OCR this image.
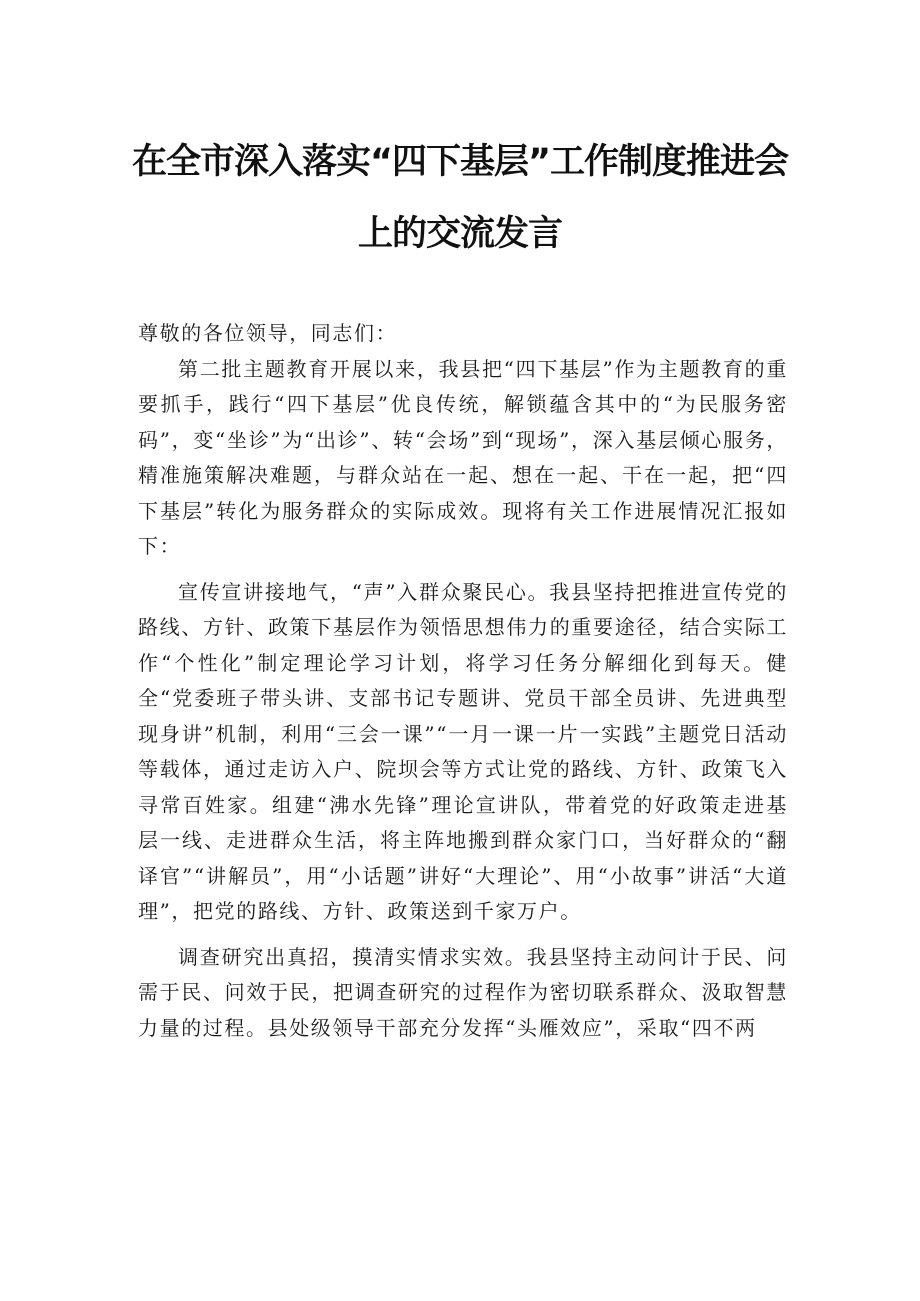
在全市深入落实“四下基层”工作制度推进会
上的交流发言

尊敬的各位领导，同志们：

第二批主题教育开展以来，我县把“四下基层”作为主题教育的重要抓手，践行“四下基层”优良传统，解锁蕴含其中的“为民服务密码”，变“坐诊”为“出诊”、转“会场”到“现场”，深入基层倾心服务，精准施策解决难题，与群众站在一起、想在一起、干在一起，把“四下基层”转化为服务群众的实际成效。现将有关工作进展情况汇报如下：

宣传宣讲接地气，“声”入群众聚民心。我县坚持把推进宣传党的路线、方针、政策下基层作为领悟思想伟力的重要途径，结合实际工作“个性化”制定理论学习计划，将学习任务分解细化到每天。健全“党委班子带头讲、支部书记专题讲、党员干部全员讲、先进典型现身讲”机制，利用“三会一课”“一月一课一片一实践”主题党日活动等载体，通过走访入户、院坝会等方式让党的路线、方针、政策飞入寻常百姓家。组建“沸水先锋”理论宣讲队，带着党的好政策走进基层一线、走进群众生活，将主阵地搬到群众家门口，当好群众的“翻译官”“讲解员”，用“小话题”讲好“大理论”、用“小故事”讲活“大道理”，把党的路线、方针、政策送到千家万户。

调查研究出真招，摸清实情求实效。我县坚持主动问计于民、问需于民、问效于民，把调查研究的过程作为密切联系群众、汲取智慧力量的过程。县处级领导干部充分发挥“头雁效应”，采取“四不两
